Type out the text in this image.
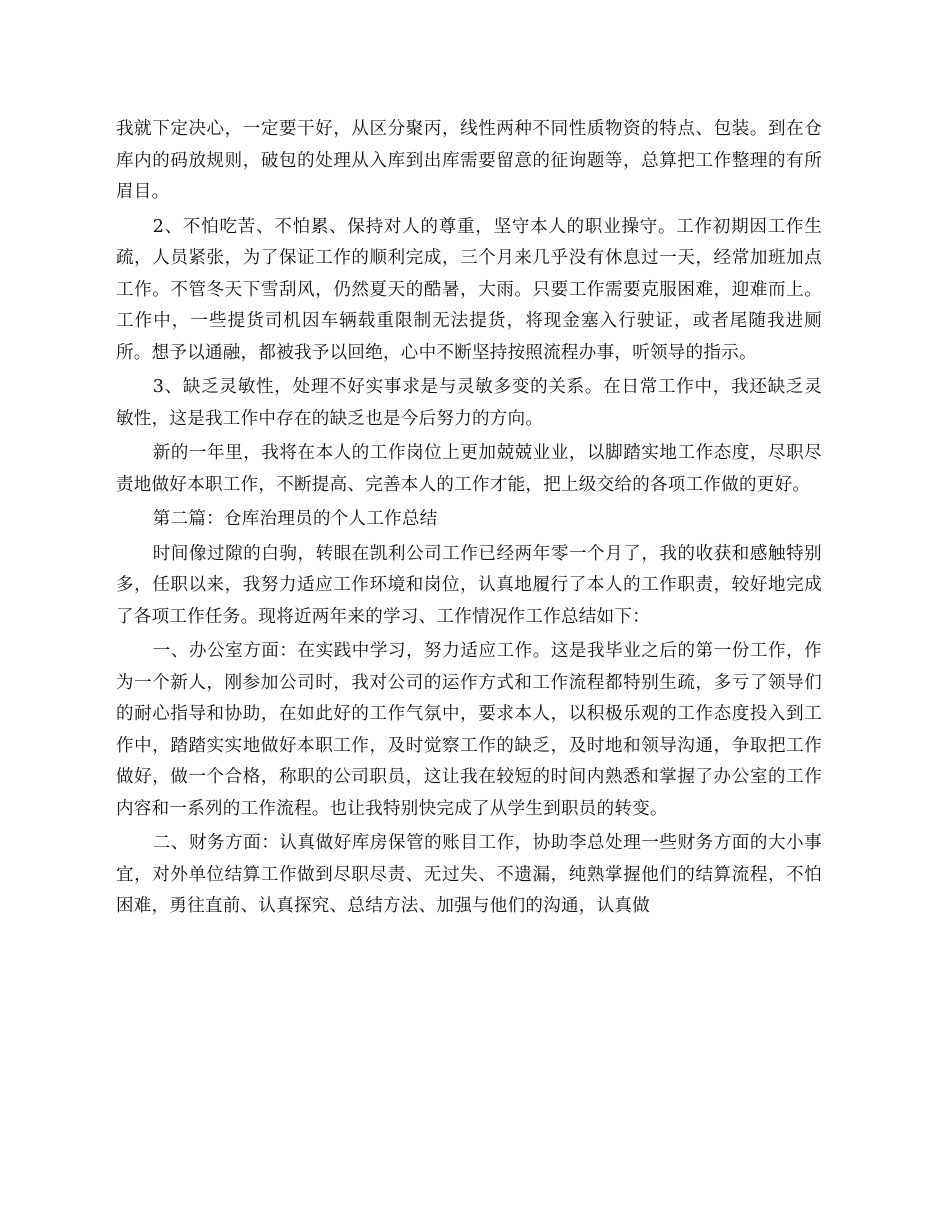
我就下定决心，一定要干好，从区分聚丙，线性两种不同性质物资的特点、包装。到在仓库内的码放规则，破包的处理从入库到出库需要留意的征询题等，总算把工作整理的有所眉目。

2、不怕吃苦、不怕累、保持对人的尊重，坚守本人的职业操守。工作初期因工作生疏，人员紧张，为了保证工作的顺利完成，三个月来几乎没有休息过一天，经常加班加点工作。不管冬天下雪刮风，仍然夏天的酷暑，大雨。只要工作需要克服困难，迎难而上。工作中，一些提货司机因车辆载重限制无法提货，将现金塞入行驶证，或者尾随我进厕所。想予以通融，都被我予以回绝，心中不断坚持按照流程办事，听领导的指示。

3、缺乏灵敏性，处理不好实事求是与灵敏多变的关系。在日常工作中，我还缺乏灵敏性，这是我工作中存在的缺乏也是今后努力的方向。

新的一年里，我将在本人的工作岗位上更加兢兢业业，以脚踏实地工作态度，尽职尽责地做好本职工作，不断提高、完善本人的工作才能，把上级交给的各项工作做的更好。

第二篇：仓库治理员的个人工作总结

时间像过隙的白驹，转眼在凯利公司工作已经两年零一个月了，我的收获和感触特别多，任职以来，我努力适应工作环境和岗位，认真地履行了本人的工作职责，较好地完成了各项工作任务。现将近两年来的学习、工作情况作工作总结如下：

一、办公室方面：在实践中学习，努力适应工作。这是我毕业之后的第一份工作，作为一个新人，刚参加公司时，我对公司的运作方式和工作流程都特别生疏，多亏了领导们的耐心指导和协助，在如此好的工作气氛中，要求本人，以积极乐观的工作态度投入到工作中，踏踏实实地做好本职工作，及时觉察工作的缺乏，及时地和领导沟通，争取把工作做好，做一个合格，称职的公司职员，这让我在较短的时间内熟悉和掌握了办公室的工作内容和一系列的工作流程。也让我特别快完成了从学生到职员的转变。

二、财务方面：认真做好库房保管的账目工作，协助李总处理一些财务方面的大小事宜，对外单位结算工作做到尽职尽责、无过失、不遗漏，纯熟掌握他们的结算流程，不怕困难，勇往直前、认真探究、总结方法、加强与他们的沟通，认真做
